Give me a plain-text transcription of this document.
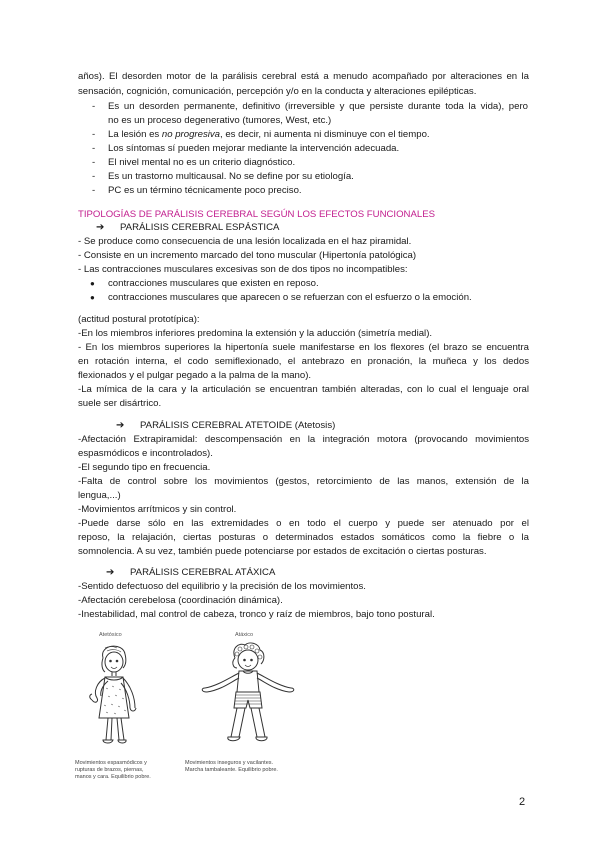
años). El desorden motor de la parálisis cerebral está a menudo acompañado por alteraciones en la
sensación, cognición, comunicación, percepción y/o en la conducta y alteraciones epilépticas.
- Es un desorden permanente, definitivo (irreversible y que persiste durante toda la vida), pero
no es un proceso degenerativo (tumores, West, etc.)
- La lesión es no progresiva, es decir, ni aumenta ni disminuye con el tiempo.
- Los síntomas sí pueden mejorar mediante la intervención adecuada.
- El nivel mental no es un criterio diagnóstico.
- Es un trastorno multicausal. No se define por su etiología.
- PC es un término técnicamente poco preciso.
TIPOLOGÍAS DE PARÁLISIS CEREBRAL SEGÚN LOS EFECTOS FUNCIONALES
➔ PARÁLISIS CEREBRAL ESPÁSTICA
- Se produce como consecuencia de una lesión localizada en el haz piramidal.
- Consiste en un incremento marcado del tono muscular (Hipertonía patológica)
- Las contracciones musculares excesivas son de dos tipos no incompatibles:
● contracciones musculares que existen en reposo.
● contracciones musculares que aparecen o se refuerzan con el esfuerzo o la emoción.
(actitud postural prototípica):
-En los miembros inferiores predomina la extensión y la aducción (simetría medial).
- En los miembros superiores la hipertonía suele manifestarse en los flexores (el brazo se encuentra
en rotación interna, el codo semiflexionado, el antebrazo en pronación, la muñeca y los dedos
flexionados y el pulgar pegado a la palma de la mano).
-La mímica de la cara y la articulación se encuentran también alteradas, con lo cual el lenguaje oral
suele ser disártrico.
➔ PARÁLISIS CEREBRAL ATETOIDE (Atetosis)
-Afectación Extrapiramidal: descompensación en la integración motora (provocando movimientos
espasmódicos e incontrolados).
-El segundo tipo en frecuencia.
-Falta de control sobre los movimientos (gestos, retorcimiento de las manos, extensión de la
lengua,...)
-Movimientos arrítmicos y sin control.
-Puede darse sólo en las extremidades o en todo el cuerpo y puede ser atenuado por el
reposo, la relajación, ciertas posturas o determinados estados somáticos como la fiebre o la
somnolencia. A su vez, también puede potenciarse por estados de excitación o ciertas posturas.
➔ PARÁLISIS CEREBRAL ATÁXICA
-Sentido defectuoso del equilibrio y la precisión de los movimientos.
-Afectación cerebelosa (coordinación dinámica).
-Inestabilidad, mal control de cabeza, tronco y raíz de miembros, bajo tono postural.
Atetósico
Movimientos espasmódicos y
rupturas de brazos, piernas,
manos y cara. Equilibrio pobre.
Atáxico
Movimientos inseguros y vacilantes.
Marcha tambaleante. Equilibrio pobre.
2
